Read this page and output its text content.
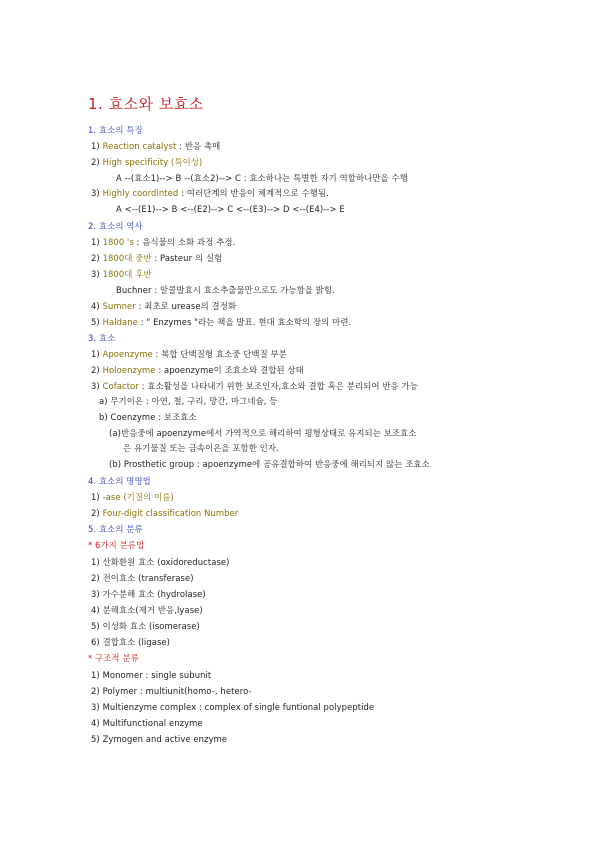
1. 효소와 보효소
1. 효소의 특징
1) Reaction catalyst : 반응 촉매
2) High specificity (특이성)
A --(효소1)--> B --(효소2)--> C : 효소하나는 특별한 자기 역할하나만을 수행
3) Highly coordinted : 여러단계의 반응이 체계적으로 수행됨.
A <--(E1)--> B <--(E2)--> C <--(E3)--> D <--(E4)--> E
2. 효소의 역사
1) 1800 's : 음식물의 소화 과정 추정.
2) 1800대 중반 : Pasteur 의 실험
3) 1800대 후반
Buchner : 알콜발효시 효소추출물만으로도 가능함을 밝힘.
4) Sumner : 최초로 urease의 결정화
5) Haldane : " Enzymes "라는 책을 발표. 현대 효소학의 장의 마련.
3. 효소
1) Apoenzyme : 복합 단백질형 효소중 단백질 부분
2) Holoenzyme : apoenzyme이 조효소와 결합된 상태
3) Cofactor : 효소활성을 나타내기 위한 보조인자,효소와 결합 혹은 분리되어 반응 가능
a) 무기이온 : 아연, 철, 구리, 망간, 마그네슘, 등
b) Coenzyme : 보조효소
(a)반응중에 apoenzyme에서 가역적으로 해리하여 평형상태로 유지되는 보조효소
은 유기물질 또는 금속이온을 포함한 인자.
(b) Prosthetic group : apoenzyme에 공유결합하여 반응중에 해리되지 않는 조효소
4. 효소의 명명법
1) -ase (기질의 이름)
2) Four-digit classification Number
5. 효소의 분류
* 6가지 분류법
1) 산화환원 효소 (oxidoreductase)
2) 전이효소 (transferase)
3) 가수분해 효소 (hydrolase)
4) 분해효소(제거 반응,lyase)
5) 이성화 효소 (isomerase)
6) 결합효소 (ligase)
* 구조적 분류
1) Monomer : single subunit
2) Polymer : multiunit(homo-, hetero-
3) Multienzyme complex : complex of single funtional polypeptide
4) Multifunctional enzyme
5) Zymogen and active enzyme
